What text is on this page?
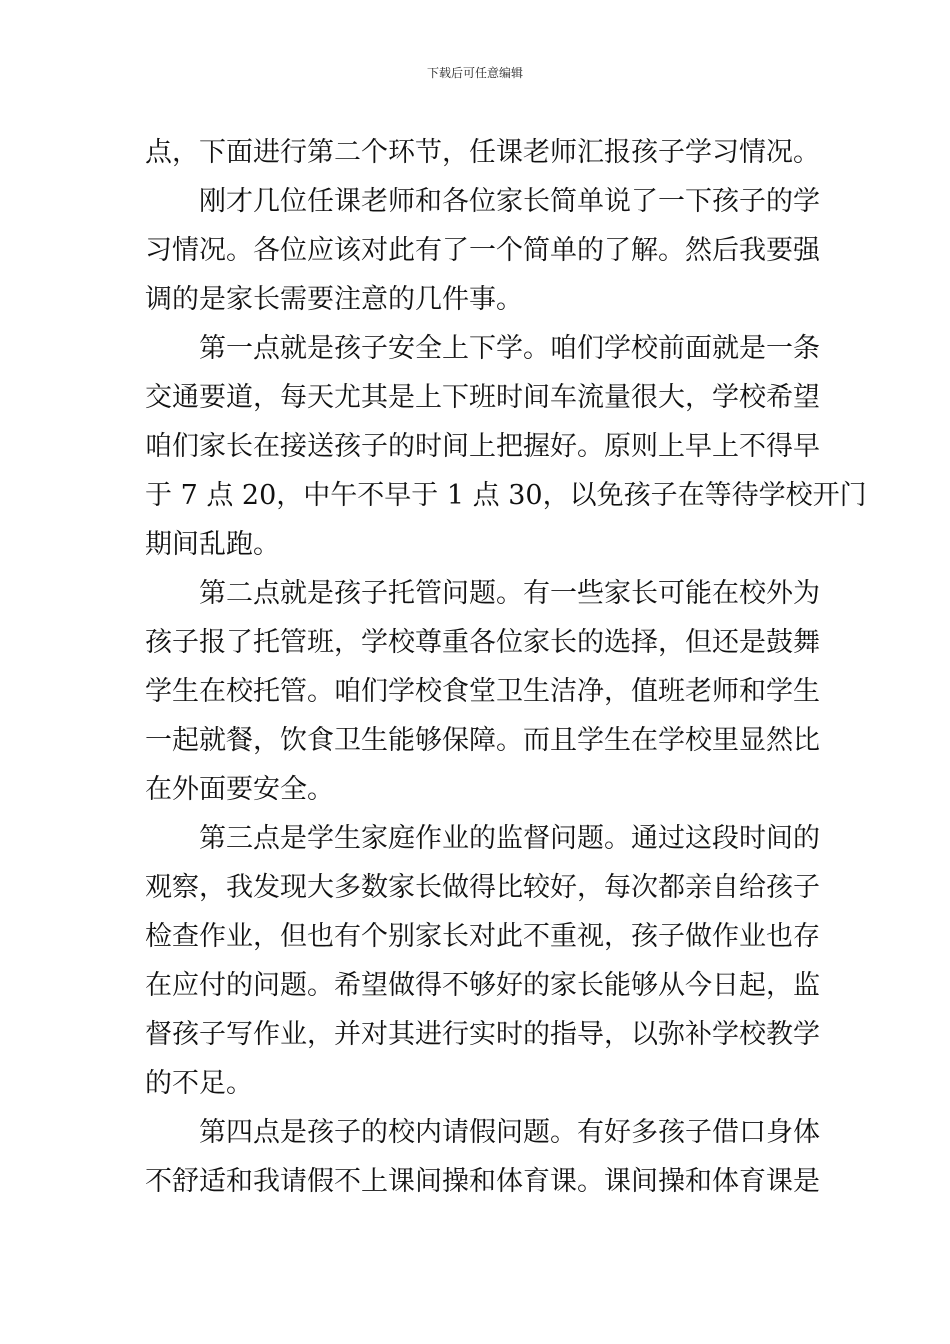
下载后可任意编辑
点，下面进行第二个环节，任课老师汇报孩子学习情况。
刚才几位任课老师和各位家长简单说了一下孩子的学
习情况。各位应该对此有了一个简单的了解。然后我要强
调的是家长需要注意的几件事。
第一点就是孩子安全上下学。咱们学校前面就是一条
交通要道，每天尤其是上下班时间车流量很大，学校希望
咱们家长在接送孩子的时间上把握好。原则上早上不得早
于 7 点 20，中午不早于 1 点 30，以免孩子在等待学校开门
期间乱跑。
第二点就是孩子托管问题。有一些家长可能在校外为
孩子报了托管班，学校尊重各位家长的选择，但还是鼓舞
学生在校托管。咱们学校食堂卫生洁净，值班老师和学生
一起就餐，饮食卫生能够保障。而且学生在学校里显然比
在外面要安全。
第三点是学生家庭作业的监督问题。通过这段时间的
观察，我发现大多数家长做得比较好，每次都亲自给孩子
检查作业，但也有个别家长对此不重视，孩子做作业也存
在应付的问题。希望做得不够好的家长能够从今日起，监
督孩子写作业，并对其进行实时的指导，以弥补学校教学
的不足。
第四点是孩子的校内请假问题。有好多孩子借口身体
不舒适和我请假不上课间操和体育课。课间操和体育课是
